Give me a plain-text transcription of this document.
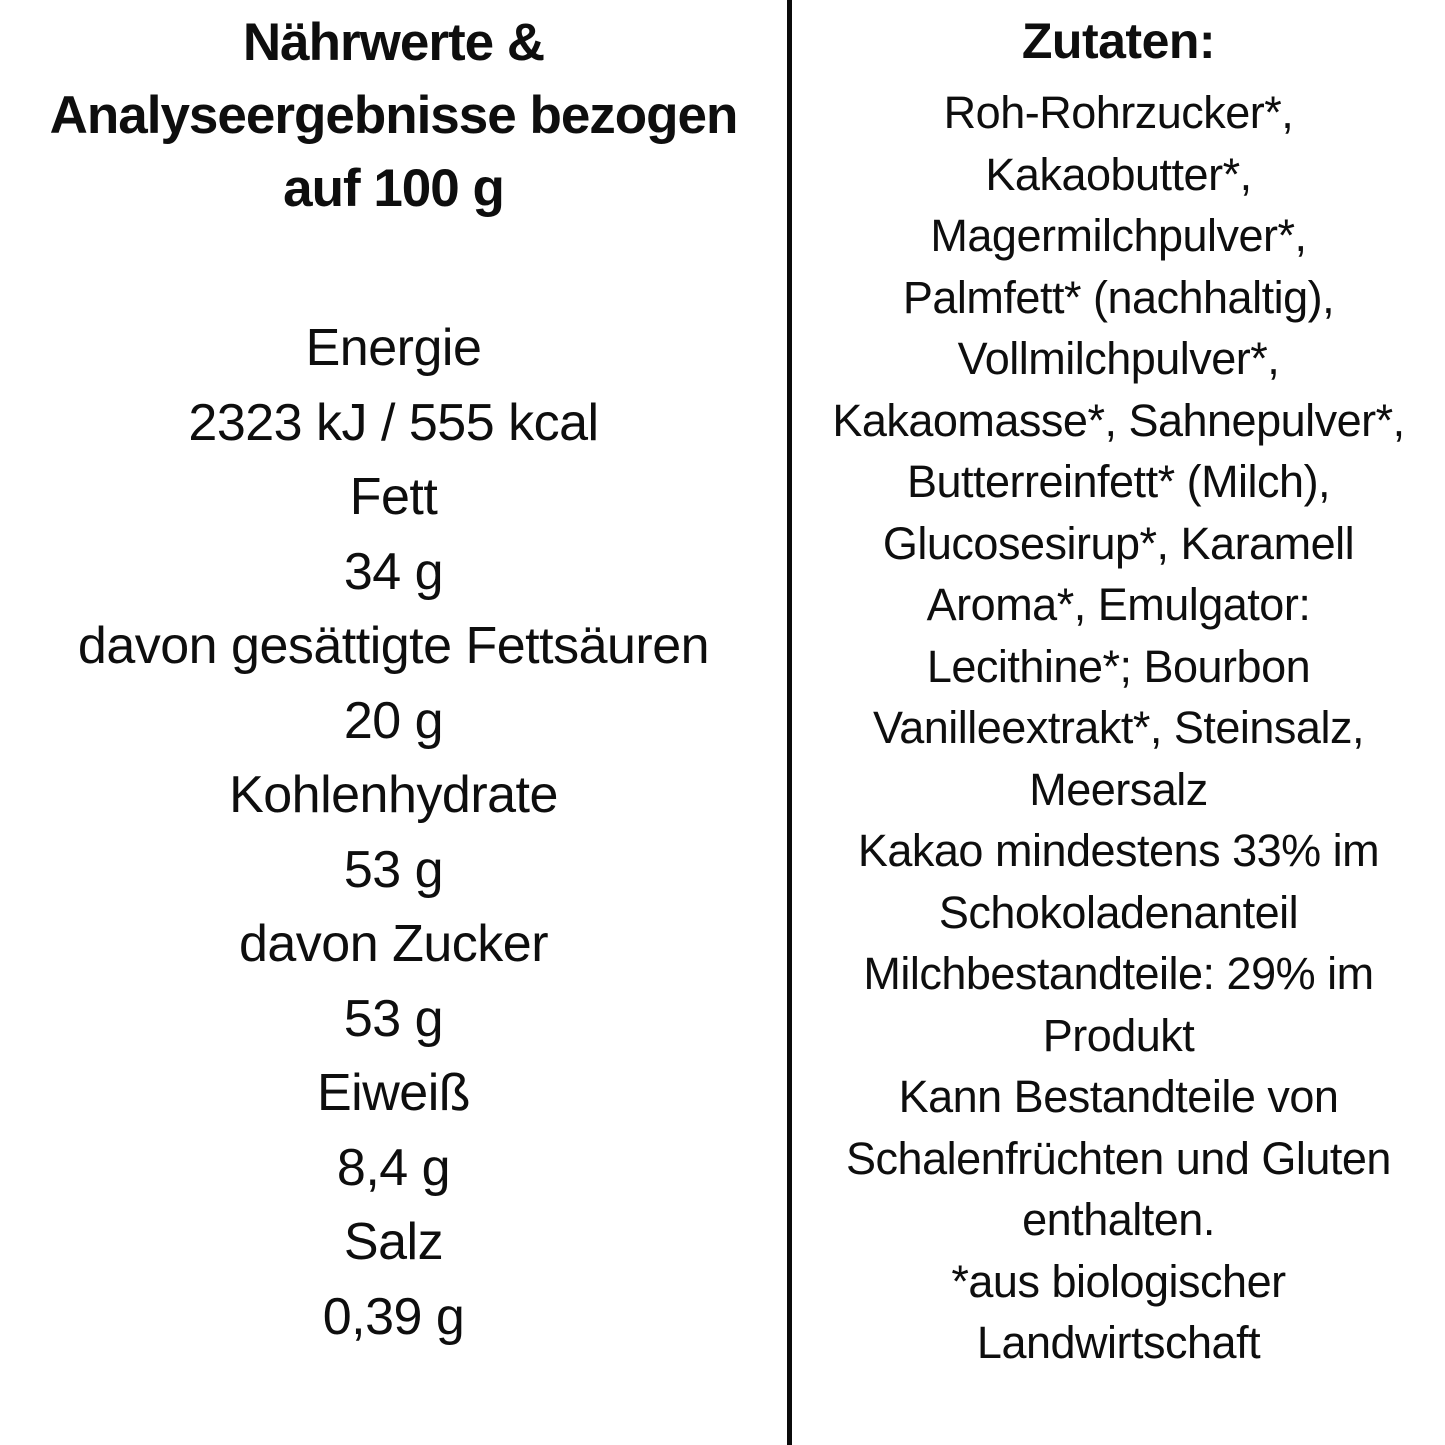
Nährwerte &
Analyseergebnisse bezogen
auf 100 g
Energie
2323 kJ / 555 kcal
Fett
34 g
davon gesättigte Fettsäuren
20 g
Kohlenhydrate
53 g
davon Zucker
53 g
Eiweiß
8,4 g
Salz
0,39 g
Zutaten:
Roh-Rohrzucker*,
Kakaobutter*,
Magermilchpulver*,
Palmfett* (nachhaltig),
Vollmilchpulver*,
Kakaomasse*, Sahnepulver*,
Butterreinfett* (Milch),
Glucosesirup*, Karamell
Aroma*, Emulgator:
Lecithine*; Bourbon
Vanilleextrakt*, Steinsalz,
Meersalz
Kakao mindestens 33% im
Schokoladenanteil
Milchbestandteile: 29% im
Produkt
Kann Bestandteile von
Schalenfrüchten und Gluten
enthalten.
*aus biologischer
Landwirtschaft
